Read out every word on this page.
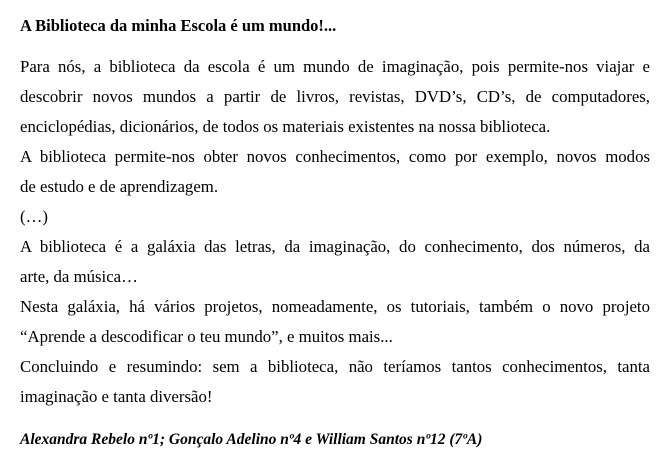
A Biblioteca da minha Escola é um mundo!...
Para nós, a biblioteca da escola é um mundo de imaginação, pois permite-nos viajar e
descobrir novos mundos a partir de livros, revistas, DVD’s, CD’s, de computadores,
enciclopédias, dicionários, de todos os materiais existentes na nossa biblioteca.
A biblioteca permite-nos obter novos conhecimentos, como por exemplo, novos modos
de estudo e de aprendizagem.
(…)
A biblioteca é a galáxia das letras, da imaginação, do conhecimento, dos números, da
arte, da música…
Nesta galáxia, há vários projetos, nomeadamente, os tutoriais, também o novo projeto
“Aprende a descodificar o teu mundo”, e muitos mais...
Concluindo e resumindo: sem a biblioteca, não teríamos tantos conhecimentos, tanta
imaginação e tanta diversão!
Alexandra Rebelo nº1; Gonçalo Adelino nº4 e William Santos nº12 (7ºA)
